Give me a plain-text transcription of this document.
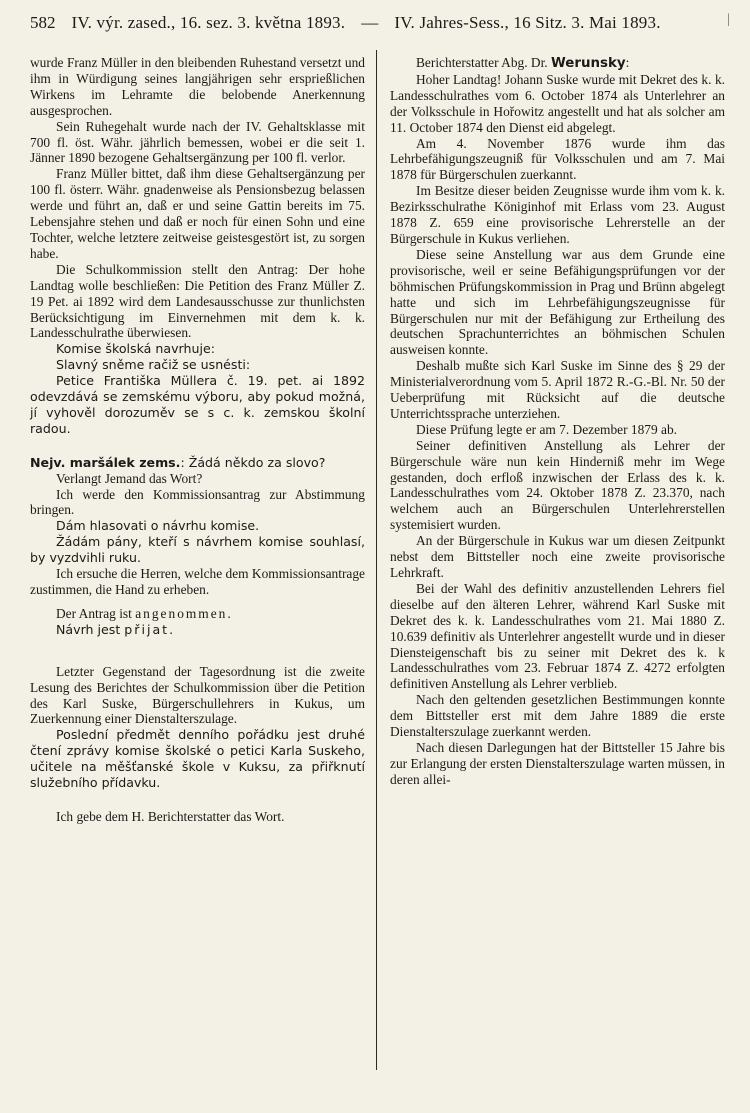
582 IV. výr. zased., 16. sez. 3. května 1893. — IV. Jahres-Sess., 16 Sitz. 3. Mai 1893.	|

wurde Franz Müller in den bleibenden Ruhestand versetzt und ihm in Würdigung seines langjährigen sehr ersprießlichen Wirkens im Lehramte die belobende Anerkennung ausgesprochen.

Sein Ruhegehalt wurde nach der IV. Gehaltsklasse mit 700 fl. öst. Währ. jährlich bemessen, wobei er die seit 1. Jänner 1890 bezogene Gehaltsergänzung per 100 fl. verlor.

Franz Müller bittet, daß ihm diese Gehaltsergänzung per 100 fl. österr. Währ. gnadenweise als Pensionsbezug belassen werde und führt an, daß er und seine Gattin bereits im 75. Lebensjahre stehen und daß er noch für einen Sohn und eine Tochter, welche letztere zeitweise geistesgestört ist, zu sorgen habe.

Die Schulkommission stellt den Antrag: Der hohe Landtag wolle beschließen: Die Petition des Franz Müller Z. 19 Pet. ai 1892 wird dem Landesausschusse zur thunlichsten Berücksichtigung im Einvernehmen mit dem k. k. Landesschulrathe überwiesen.

Komise školská navrhuje:

Slavný sněme račiž se usnésti:

Petice Františka Müllera č. 19. pet. ai 1892 odevzdává se zemskému výboru, aby pokud možná, jí vyhověl dorozuměv se s c. k. zemskou školní radou.

Nejv. maršálek zems.: Žádá někdo za slovo?

Verlangt Jemand das Wort?

Ich werde den Kommissionsantrag zur Abstimmung bringen.

Dám hlasovati o návrhu komise.

Žádám pány, kteří s návrhem komise souhlasí, by vyzdvihli ruku.

Ich ersuche die Herren, welche dem Kommissionsantrage zustimmen, die Hand zu erheben.

Der Antrag ist angenommen.

Návrh jest přijat.

Letzter Gegenstand der Tagesordnung ist die zweite Lesung des Berichtes der Schulkommission über die Petition des Karl Suske, Bürgerschullehrers in Kukus, um Zuerkennung einer Dienstalterszulage.

Poslední předmět denního pořádku jest druhé čtení zprávy komise školské o petici Karla Suskeho, učitele na měšťanské škole v Kuksu, za přiřknutí služebního přídavku.

Ich gebe dem H. Berichterstatter das Wort.

Berichterstatter Abg. Dr. Werunsky:

Hoher Landtag! Johann Suske wurde mit Dekret des k. k. Landesschulrathes vom 6. October 1874 als Unterlehrer an der Volksschule in Hořowitz angestellt und hat als solcher am 11. October 1874 den Dienst eid abgelegt.

Am 4. November 1876 wurde ihm das Lehrbefähigungszeugniß für Volksschulen und am 7. Mai 1878 für Bürgerschulen zuerkannt.

Im Besitze dieser beiden Zeugnisse wurde ihm vom k. k. Bezirksschulrathe Königinhof mit Erlass vom 23. August 1878 Z. 659 eine provisorische Lehrerstelle an der Bürgerschule in Kukus verliehen.

Diese seine Anstellung war aus dem Grunde eine provisorische, weil er seine Befähigungsprüfungen vor der böhmischen Prüfungskommission in Prag und Brünn abgelegt hatte und sich im Lehrbefähigungszeugnisse für Bürgerschulen nur mit der Befähigung zur Ertheilung des deutschen Sprachunterrichtes an böhmischen Schulen ausweisen konnte.

Deshalb mußte sich Karl Suske im Sinne des § 29 der Ministerialverordnung vom 5. April 1872 R.-G.-Bl. Nr. 50 der Ueberprüfung mit Rücksicht auf die deutsche Unterrichtssprache unterziehen.

Diese Prüfung legte er am 7. Dezember 1879 ab.

Seiner definitiven Anstellung als Lehrer der Bürgerschule wäre nun kein Hinderniß mehr im Wege gestanden, doch erfloß inzwischen der Erlass des k. k. Landesschulrathes vom 24. Oktober 1878 Z. 23.370, nach welchem auch an Bürgerschulen Unterlehrerstellen systemisiert wurden.

An der Bürgerschule in Kukus war um diesen Zeitpunkt nebst dem Bittsteller noch eine zweite provisorische Lehrkraft.

Bei der Wahl des definitiv anzustellenden Lehrers fiel dieselbe auf den älteren Lehrer, während Karl Suske mit Dekret des k. k. Landesschulrathes vom 21. Mai 1880 Z. 10.639 definitiv als Unterlehrer angestellt wurde und in dieser Diensteigenschaft bis zu seiner mit Dekret des k. k Landesschulrathes vom 23. Februar 1874 Z. 4272 erfolgten definitiven Anstellung als Lehrer verblieb.

Nach den geltenden gesetzlichen Bestimmungen konnte dem Bittsteller erst mit dem Jahre 1889 die erste Dienstalterszulage zuerkannt werden.

Nach diesen Darlegungen hat der Bittsteller 15 Jahre bis zur Erlangung der ersten Dienstalterszulage warten müssen, in deren allei-
